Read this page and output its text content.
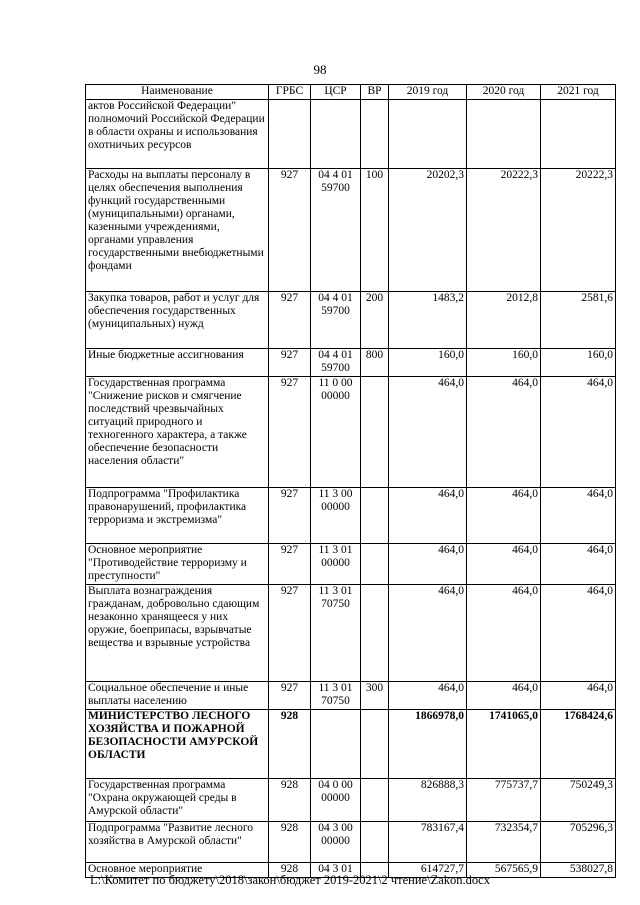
98
Наименование	ГРБС	ЦСР	ВР	2019 год	2020 год	2021 год
актов Российской Федерации" полномочий Российской Федерации в области охраны и использования охотничьих ресурсов						
Расходы на выплаты персоналу в целях обеспечения выполнения функций государственными (муниципальными) органами, казенными учреждениями, органами управления государственными внебюджетными фондами	927	04 4 01 59700	100	20202,3	20222,3	20222,3
Закупка товаров, работ и услуг для обеспечения государственных (муниципальных) нужд	927	04 4 01 59700	200	1483,2	2012,8	2581,6
Иные бюджетные ассигнования	927	04 4 01 59700	800	160,0	160,0	160,0
Государственная программа "Снижение рисков и смягчение последствий чрезвычайных ситуаций природного и техногенного характера, а также обеспечение безопасности населения области"	927	11 0 00 00000		464,0	464,0	464,0
Подпрограмма "Профилактика правонарушений, профилактика терроризма и экстремизма"	927	11 3 00 00000		464,0	464,0	464,0
Основное мероприятие "Противодействие терроризму и преступности"	927	11 3 01 00000		464,0	464,0	464,0
Выплата вознаграждения гражданам, добровольно сдающим незаконно хранящееся у них оружие, боеприпасы, взрывчатые вещества и взрывные устройства	927	11 3 01 70750		464,0	464,0	464,0
Социальное обеспечение и иные выплаты населению	927	11 3 01 70750	300	464,0	464,0	464,0
МИНИСТЕРСТВО ЛЕСНОГО ХОЗЯЙСТВА И ПОЖАРНОЙ БЕЗОПАСНОСТИ АМУРСКОЙ ОБЛАСТИ	928			1866978,0	1741065,0	1768424,6
Государственная программа "Охрана окружающей среды в Амурской области"	928	04 0 00 00000		826888,3	775737,7	750249,3
Подпрограмма "Развитие лесного хозяйства в Амурской области"	928	04 3 00 00000		783167,4	732354,7	705296,3
Основное мероприятие	928	04 3 01		614727,7	567565,9	538027,8
L:\Комитет по бюджету\2018\закон\бюджет 2019-2021\2 чтение\Zakon.docx
